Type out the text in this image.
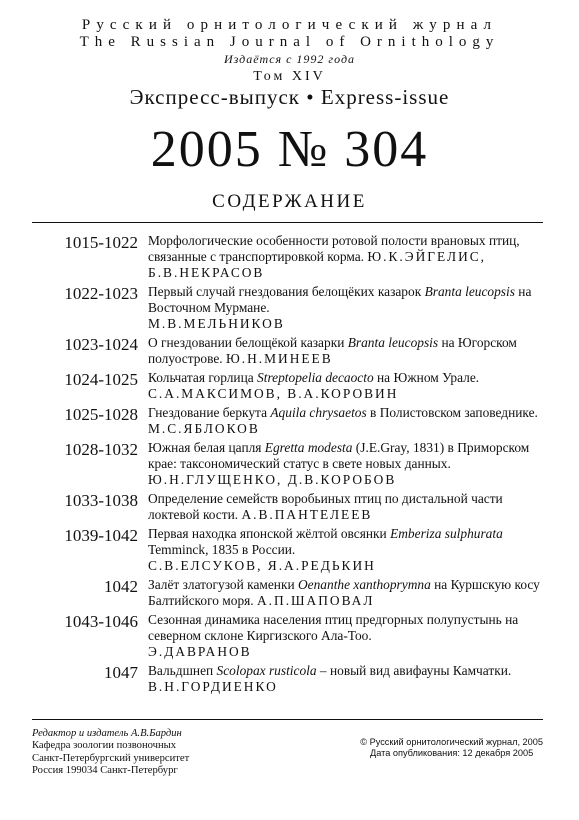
Русский орнитологический журнал
The Russian Journal of Ornithology
Издаётся с 1992 года
Том XIV
Экспресс-выпуск • Express-issue
2005 № 304
СОДЕРЖАНИЕ
1015-1022 Морфологические особенности ротовой полости врановых птиц, связанные с транспортировкой корма. Ю.К.ЭЙГЕЛИС, Б.В.НЕКРАСОВ
1022-1023 Первый случай гнездования белощёких казарок Branta leucopsis на Восточном Мурмане.
М.В.МЕЛЬНИКОВ
1023-1024 О гнездовании белощёкой казарки Branta leucopsis на Югорском полуострове. Ю.Н.МИНЕЕВ
1024-1025 Кольчатая горлица Streptopelia decaocto на Южном Урале. С.А.МАКСИМОВ, В.А.КОРОВИН
1025-1028 Гнездование беркута Aquila chrysaetos в Полистовском заповеднике. М.С.ЯБЛОКОВ
1028-1032 Южная белая цапля Egretta modesta (J.E.Gray, 1831) в Приморском крае: таксономический статус в свете новых данных.
Ю.Н.ГЛУЩЕНКО, Д.В.КОРОБОВ
1033-1038 Определение семейств воробьиных птиц по дистальной части локтевой кости. А.В.ПАНТЕЛЕЕВ
1039-1042 Первая находка японской жёлтой овсянки Emberiza sulphurata Temminck, 1835 в России.
С.В.ЕЛСУКОВ, Я.А.РЕДЬКИН
1042 Залёт златогузой каменки Oenanthe xanthoprymna на Куршскую косу Балтийского моря. А.П.ШАПОВАЛ
1043-1046 Сезонная динамика населения птиц предгорных полупустынь на северном склоне Киргизского Ала-Тоо.
Э.ДАВРАНОВ
1047 Вальдшнеп Scolopax rusticola – новый вид авифауны Камчатки. В.Н.ГОРДИЕНКО
Редактор и издатель А.В.Бардин
Кафедра зоологии позвоночных
Санкт-Петербургский университет
Россия 199034 Санкт-Петербург
© Русский орнитологический журнал, 2005
Дата опубликования: 12 декабря 2005
